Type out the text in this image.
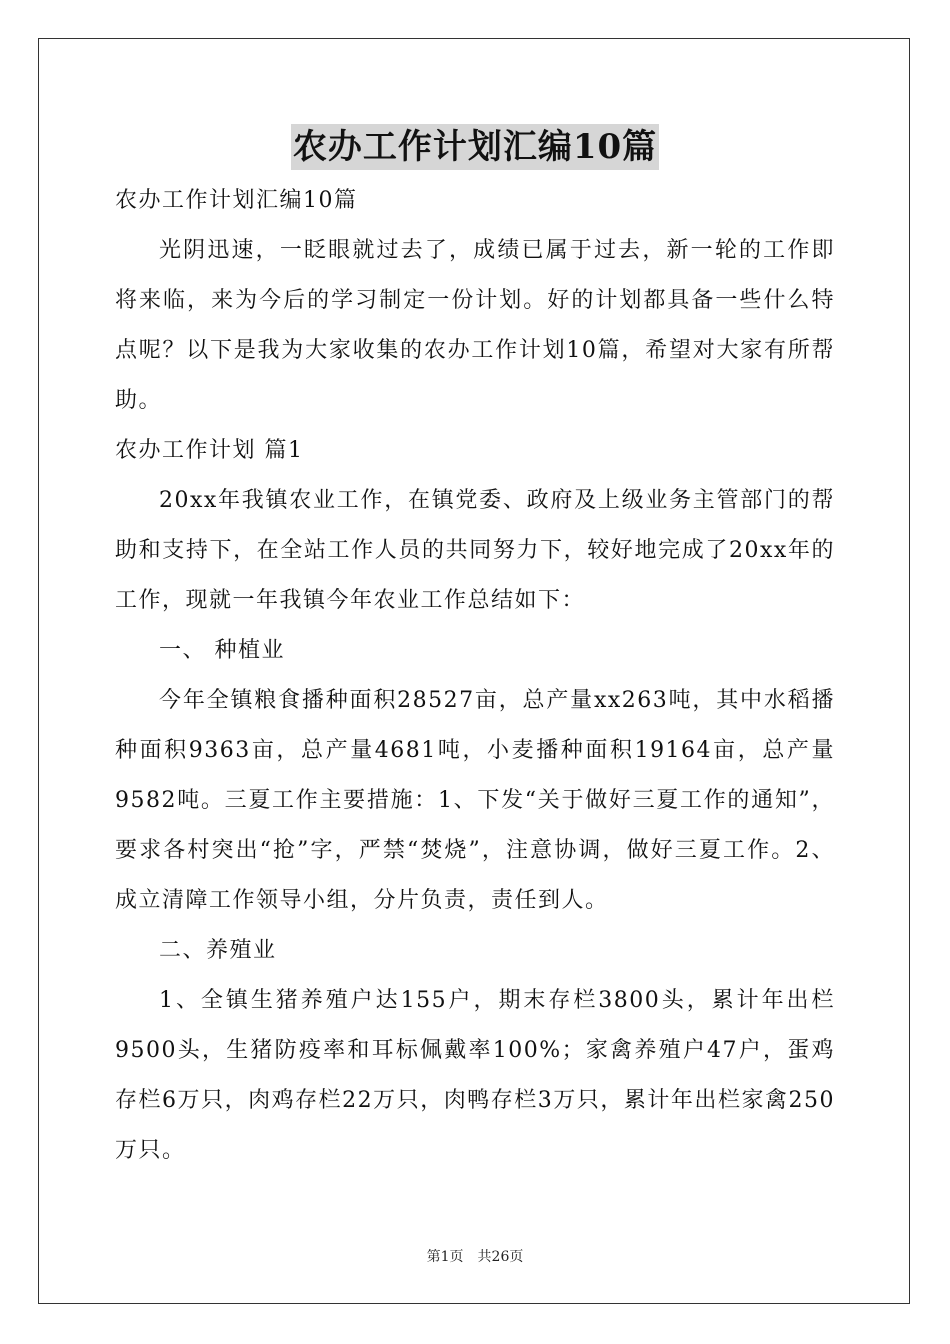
农办工作计划汇编10篇

农办工作计划汇编10篇

光阴迅速，一眨眼就过去了，成绩已属于过去，新一轮的工作即将来临，来为今后的学习制定一份计划。好的计划都具备一些什么特点呢？以下是我为大家收集的农办工作计划10篇，希望对大家有所帮助。

农办工作计划 篇1

20xx年我镇农业工作，在镇党委、政府及上级业务主管部门的帮助和支持下，在全站工作人员的共同努力下，较好地完成了20xx年的工作，现就一年我镇今年农业工作总结如下：

一、 种植业

今年全镇粮食播种面积28527亩，总产量xx263吨，其中水稻播种面积9363亩，总产量4681吨，小麦播种面积19164亩，总产量9582吨。三夏工作主要措施：1、下发“关于做好三夏工作的通知”，要求各村突出“抢”字，严禁“焚烧”，注意协调，做好三夏工作。2、成立清障工作领导小组，分片负责，责任到人。

二、养殖业

1、全镇生猪养殖户达155户，期末存栏3800头，累计年出栏9500头，生猪防疫率和耳标佩戴率100%；家禽养殖户47户，蛋鸡存栏6万只，肉鸡存栏22万只，肉鸭存栏3万只，累计年出栏家禽250万只。

第1页　共26页
